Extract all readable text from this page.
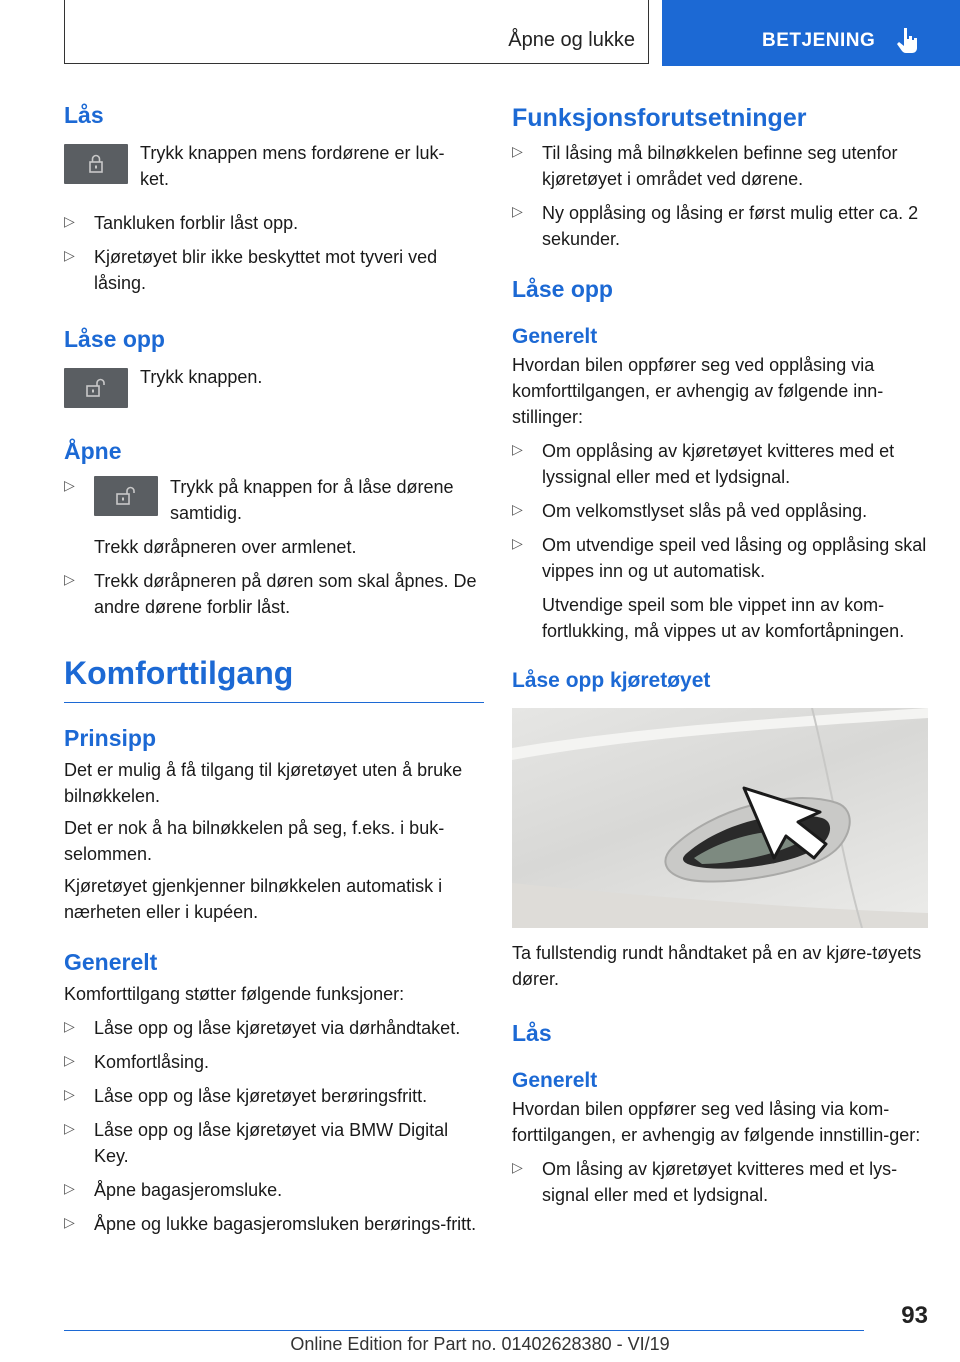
Åpne og lukke	BETJENING
Lås

Trykk knappen mens fordørene er luk-ket.

▷	Tankluken forblir låst opp.
▷	Kjøretøyet blir ikke beskyttet mot tyveri ved låsing.
Låse opp

Trykk knappen.

Åpne
▷	Trykk på knappen for å låse dørene samtidig.

Trekk døråpneren over armlenet.

▷	Trekk døråpneren på døren som skal åpnes. De andre dørene forblir låst.
Komforttilgang
Prinsipp

Det er mulig å få tilgang til kjøretøyet uten å bruke bilnøkkelen.

Det er nok å ha bilnøkkelen på seg, f.eks. i buk-selommen.

Kjøretøyet gjenkjenner bilnøkkelen automatisk i nærheten eller i kupéen.

Generelt

Komforttilgang støtter følgende funksjoner:

▷	Låse opp og låse kjøretøyet via dørhåndtaket.
▷	Komfortlåsing.
▷	Låse opp og låse kjøretøyet berøringsfritt.
▷	Låse opp og låse kjøretøyet via BMW Digital Key.
▷	Åpne bagasjeromsluke.
▷	Åpne og lukke bagasjeromsluken berørings-fritt.
Funksjonsforutsetninger
▷	Til låsing må bilnøkkelen befinne seg utenfor kjøretøyet i området ved dørene.
▷	Ny opplåsing og låsing er først mulig etter ca. 2 sekunder.
Låse opp
Generelt

Hvordan bilen oppfører seg ved opplåsing via komforttilgangen, er avhengig av følgende inn-stillinger:

▷	Om opplåsing av kjøretøyet kvitteres med et lyssignal eller med et lydsignal.
▷	Om velkomstlyset slås på ved opplåsing.
▷	Om utvendige speil ved låsing og opplåsing skal vippes inn og ut automatisk.

Utvendige speil som ble vippet inn av kom-fortlukking, må vippes ut av komfortåpningen.

Låse opp kjøretøyet

Ta fullstendig rundt håndtaket på en av kjøre-tøyets dører.

Lås
Generelt

Hvordan bilen oppfører seg ved låsing via kom-forttilgangen, er avhengig av følgende innstillin-ger:

▷	Om låsing av kjøretøyet kvitteres med et lys-signal eller med et lydsignal.
93
Online Edition for Part no. 01402628380 - VI/19
